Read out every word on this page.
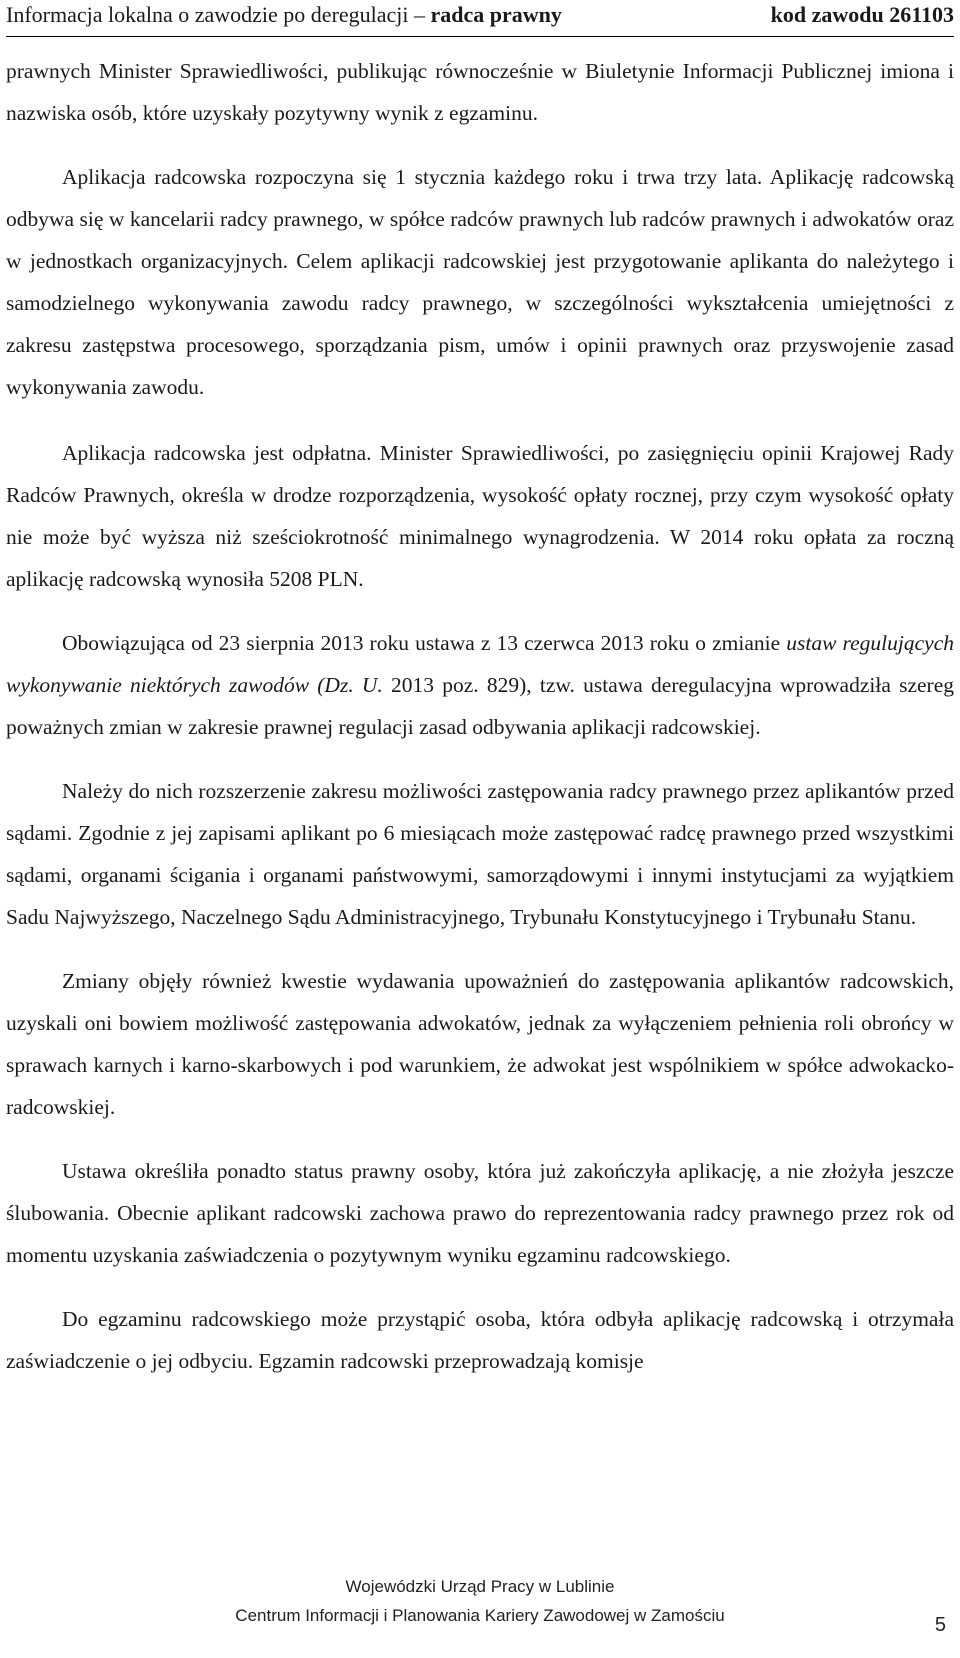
Informacja lokalna o zawodzie po deregulacji – radca prawny	kod zawodu 261103

prawnych Minister Sprawiedliwości, publikując równocześnie w Biuletynie Informacji Publicznej imiona i nazwiska osób, które uzyskały pozytywny wynik z egzaminu.

Aplikacja radcowska rozpoczyna się 1 stycznia każdego roku i trwa trzy lata. Aplikację radcowską odbywa się w kancelarii radcy prawnego, w spółce radców prawnych lub radców prawnych i adwokatów oraz w jednostkach organizacyjnych. Celem aplikacji radcowskiej jest przygotowanie aplikanta do należytego i samodzielnego wykonywania zawodu radcy prawnego, w szczególności wykształcenia umiejętności z zakresu zastępstwa procesowego, sporządzania pism, umów i opinii prawnych oraz przyswojenie zasad wykonywania zawodu.

Aplikacja radcowska jest odpłatna. Minister Sprawiedliwości, po zasięgnięciu opinii Krajowej Rady Radców Prawnych, określa w drodze rozporządzenia, wysokość opłaty rocznej, przy czym wysokość opłaty nie może być wyższa niż sześciokrotność minimalnego wynagrodzenia. W 2014 roku opłata za roczną aplikację radcowską wynosiła 5208 PLN.

Obowiązująca od 23 sierpnia 2013 roku ustawa z 13 czerwca 2013 roku o zmianie ustaw regulujących wykonywanie niektórych zawodów (Dz. U. 2013 poz. 829), tzw. ustawa deregulacyjna wprowadziła szereg poważnych zmian w zakresie prawnej regulacji zasad odbywania aplikacji radcowskiej.

Należy do nich rozszerzenie zakresu możliwości zastępowania radcy prawnego przez aplikantów przed sądami. Zgodnie z jej zapisami aplikant po 6 miesiącach może zastępować radcę prawnego przed wszystkimi sądami, organami ścigania i organami państwowymi, samorządowymi i innymi instytucjami za wyjątkiem Sadu Najwyższego, Naczelnego Sądu Administracyjnego, Trybunału Konstytucyjnego i Trybunału Stanu.

Zmiany objęły również kwestie wydawania upoważnień do zastępowania aplikantów radcowskich, uzyskali oni bowiem możliwość zastępowania adwokatów, jednak za wyłączeniem pełnienia roli obrońcy w sprawach karnych i karno-skarbowych i pod warunkiem, że adwokat jest wspólnikiem w spółce adwokacko-radcowskiej.

Ustawa określiła ponadto status prawny osoby, która już zakończyła aplikację, a nie złożyła jeszcze ślubowania. Obecnie aplikant radcowski zachowa prawo do reprezentowania radcy prawnego przez rok od momentu uzyskania zaświadczenia o pozytywnym wyniku egzaminu radcowskiego.

Do egzaminu radcowskiego może przystąpić osoba, która odbyła aplikację radcowską i otrzymała zaświadczenie o jej odbyciu. Egzamin radcowski przeprowadzają komisje

Wojewódzki Urząd Pracy w Lublinie
Centrum Informacji i Planowania Kariery Zawodowej w Zamościu	5
